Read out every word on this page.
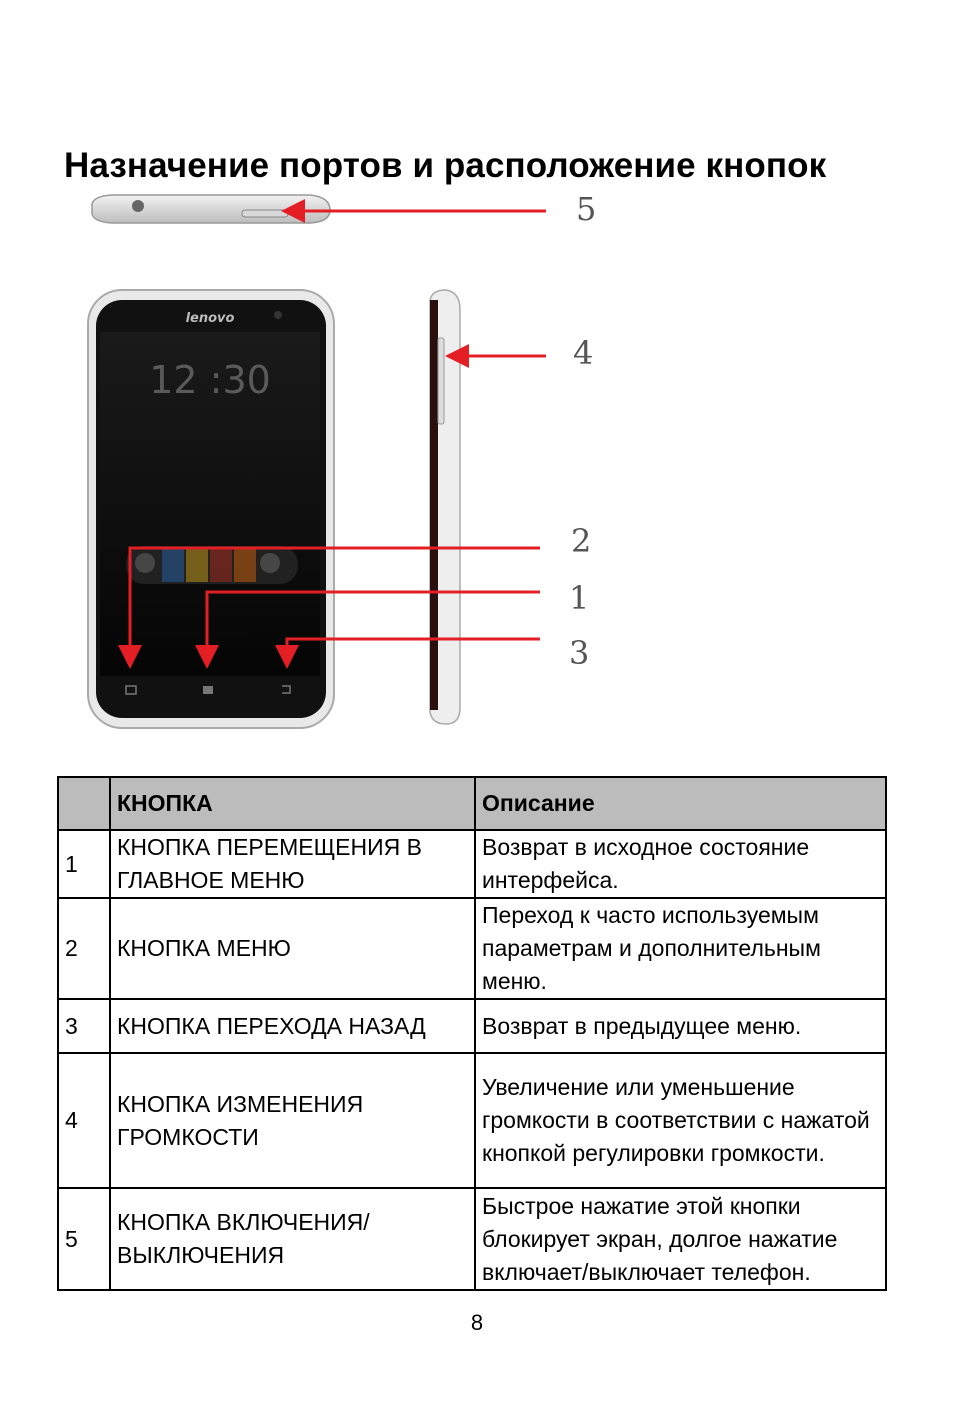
Назначение портов и расположение кнопок
lenovo
12 :30
5
4
2
1
3
	КНОПКА	Описание
1	КНОПКА ПЕРЕМЕЩЕНИЯ В ГЛАВНОЕ МЕНЮ	Возврат в исходное состояние интерфейса.
2	КНОПКА МЕНЮ	Переход к часто используемым параметрам и дополнительным меню.
3	КНОПКА ПЕРЕХОДА НАЗАД	Возврат в предыдущее меню.
4	КНОПКА ИЗМЕНЕНИЯ ГРОМКОСТИ	Увеличение или уменьшение громкости в соответствии с нажатой кнопкой регулировки громкости.
5	КНОПКА ВКЛЮЧЕНИЯ/ВЫКЛЮЧЕНИЯ	Быстрое нажатие этой кнопки блокирует экран, долгое нажатие включает/выключает телефон.
8
